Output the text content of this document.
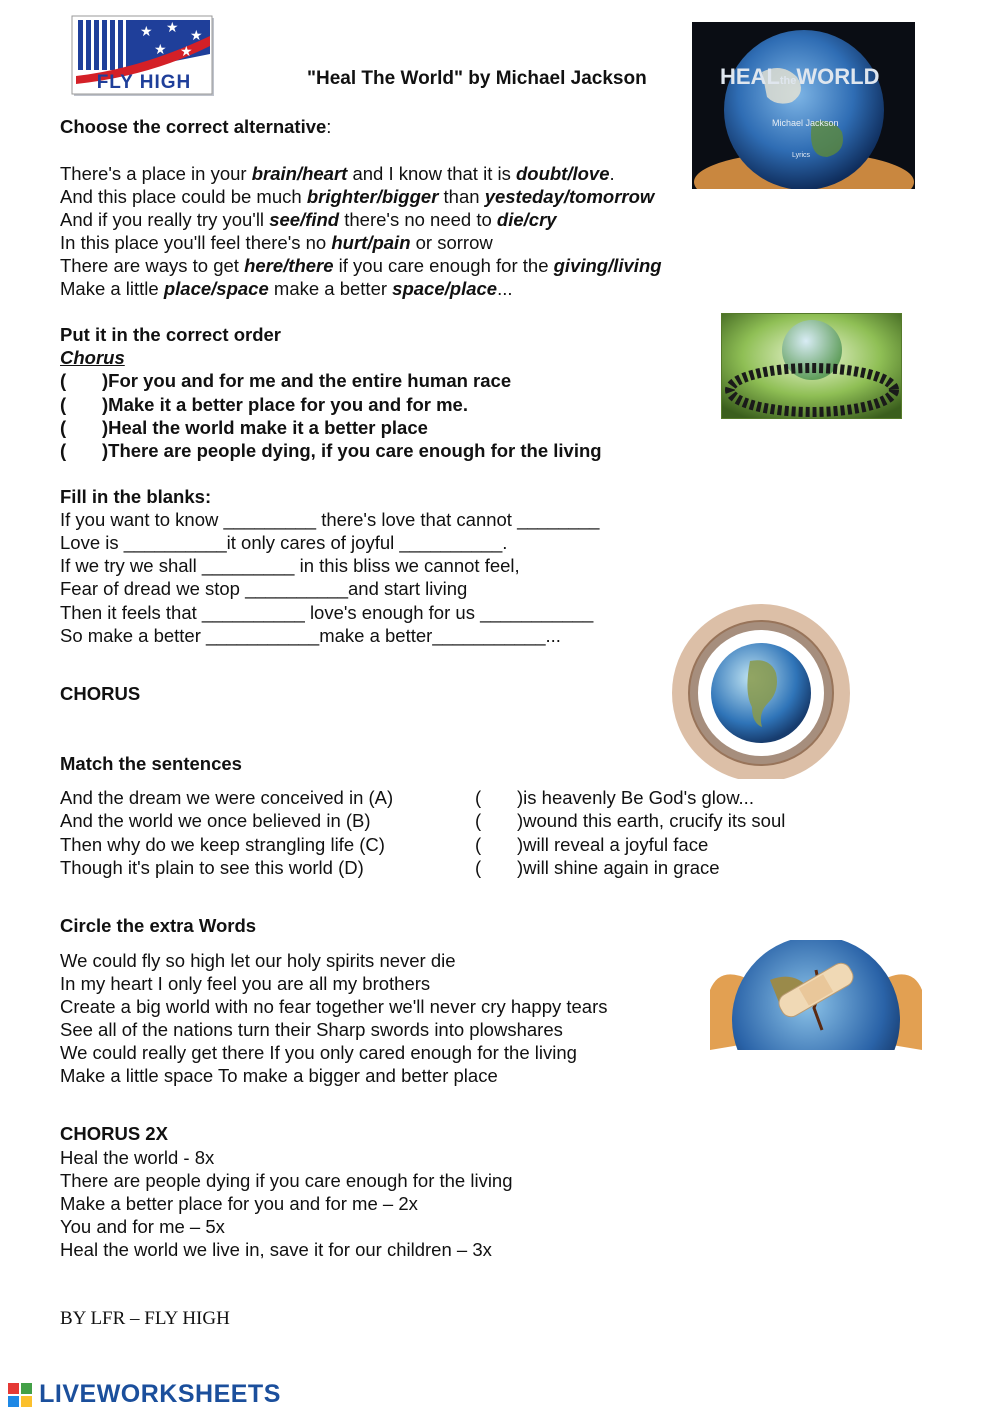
★ ★ ★
★ ★
FLY HIGH	"Heal The World" by Michael Jackson	HEALtheWORLD
Michael Jackson
Lyrics
Choose the correct alternative:
There's a place in your brain/heart and I know that it is doubt/love.
And this place could be much brighter/bigger than yesteday/tomorrow
And if you really try you'll see/find there's no need to die/cry
In this place you'll feel there's no hurt/pain or sorrow
There are ways to get here/there if you care enough for the giving/living
Make a little place/space make a better space/place...
Put it in the correct order
Chorus
( )For you and for me and the entire human race
( )Make it a better place for you and for me.
( )Heal the world make it a better place
( )There are people dying, if you care enough for the living
Fill in the blanks:
If you want to know _________ there's love that cannot ________
Love is __________it only cares of joyful __________.
If we try we shall _________ in this bliss we cannot feel,
Fear of dread we stop __________and start living
Then it feels that __________ love's enough for us ___________
So make a better ___________make a better___________...
CHORUS
Match the sentences
And the dream we were conceived in (A)
And the world we once believed in (B)
Then why do we keep strangling life (C)
Though it's plain to see this world (D)
( )is heavenly Be God's glow...
( )wound this earth, crucify its soul
( )will reveal a joyful face
( )will shine again in grace
Circle the extra Words
We could fly so high let our holy spirits never die
In my heart I only feel you are all my brothers
Create a big world with no fear together we'll never cry happy tears
See all of the nations turn their Sharp swords into plowshares
We could really get there If you only cared enough for the living
Make a little space To make a bigger and better place
CHORUS 2X
Heal the world - 8x
There are people dying if you care enough for the living
Make a better place for you and for me – 2x
You and for me – 5x
Heal the world we live in, save it for our children – 3x
BY LFR – FLY HIGH
LIVEWORKSHEETS
